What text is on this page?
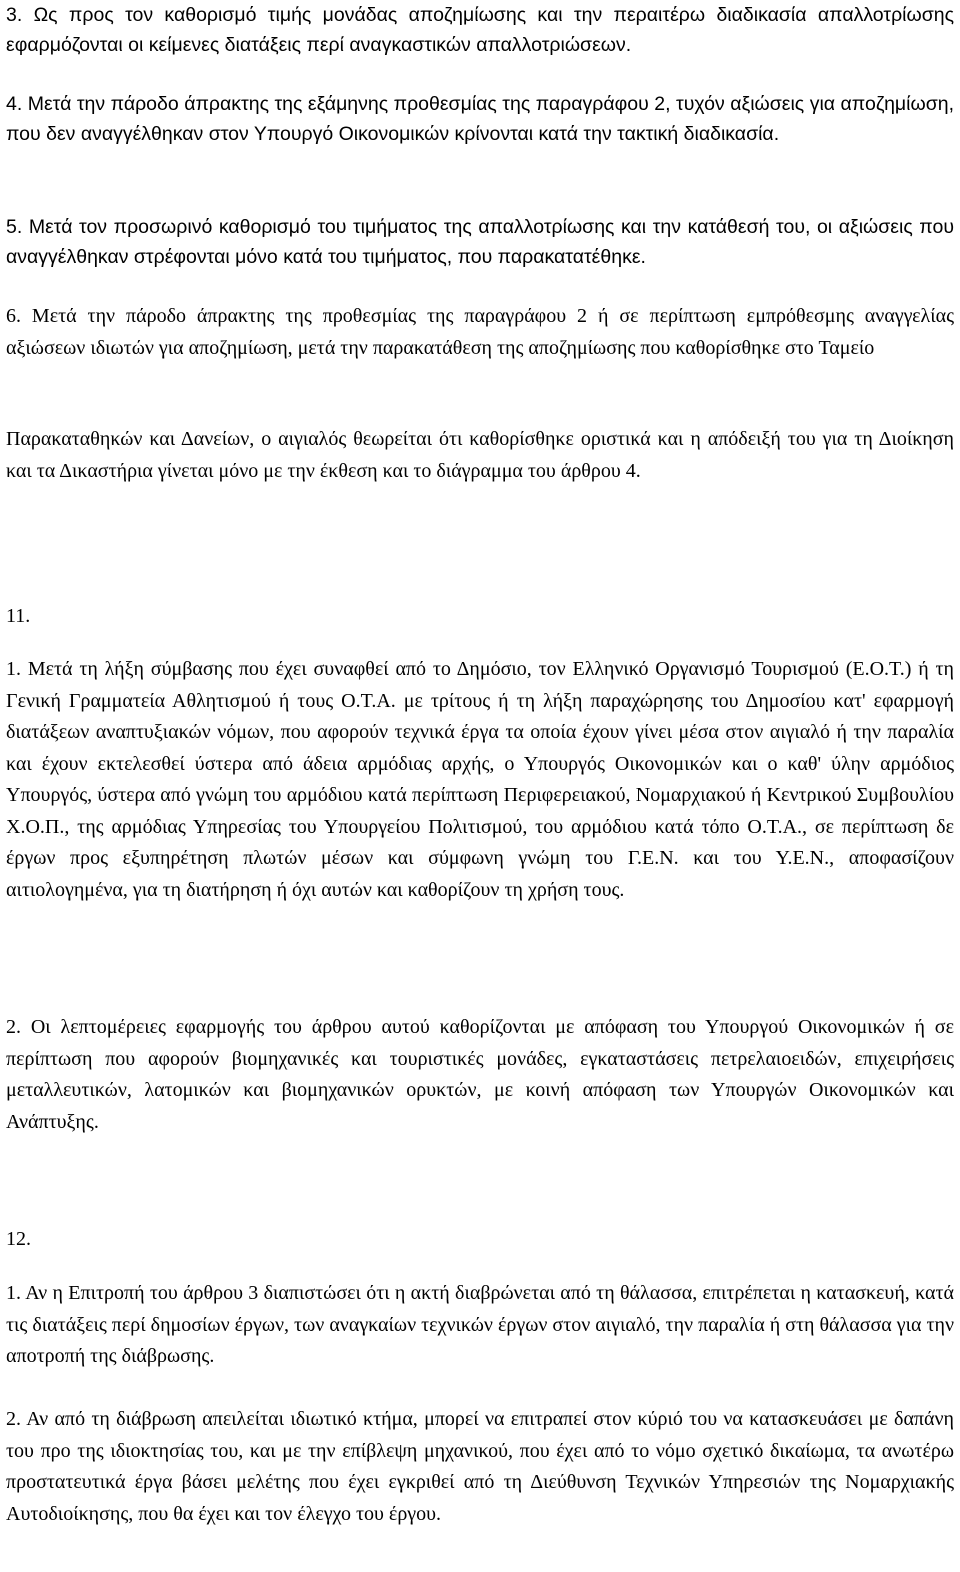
3. Ως προς τον καθορισμό τιμής μονάδας αποζημίωσης και την περαιτέρω διαδικασία απαλλοτρίωσης εφαρμόζονται οι κείμενες διατάξεις περί αναγκαστικών απαλλοτριώσεων.

4. Μετά την πάροδο άπρακτης της εξάμηνης προθεσμίας της παραγράφου 2, τυχόν αξιώσεις για αποζημίωση, που δεν αναγγέλθηκαν στον Υπουργό Οικονομικών κρίνονται κατά την τακτική διαδικασία.

5. Μετά τον προσωρινό καθορισμό του τιμήματος της απαλλοτρίωσης και την κατάθεσή του, οι αξιώσεις που αναγγέλθηκαν στρέφονται μόνο κατά του τιμήματος, που παρακατατέθηκε.

6. Μετά την πάροδο άπρακτης της προθεσμίας της παραγράφου 2 ή σε περίπτωση εμπρόθεσμης αναγγελίας αξιώσεων ιδιωτών για αποζημίωση, μετά την παρακατάθεση της αποζημίωσης που καθορίσθηκε στο Ταμείο

Παρακαταθηκών και Δανείων, ο αιγιαλός θεωρείται ότι καθορίσθηκε οριστικά και η απόδειξή του για τη Διοίκηση και τα Δικαστήρια γίνεται μόνο με την έκθεση και το διάγραμμα του άρθρου 4.

11.

1. Μετά τη λήξη σύμβασης που έχει συναφθεί από το Δημόσιο, τον Ελληνικό Οργανισμό Τουρισμού (Ε.Ο.Τ.) ή τη Γενική Γραμματεία Αθλητισμού ή τους Ο.Τ.Α. με τρίτους ή τη λήξη παραχώρησης του Δημοσίου κατ' εφαρμογή διατάξεων αναπτυξιακών νόμων, που αφορούν τεχνικά έργα τα οποία έχουν γίνει μέσα στον αιγιαλό ή την παραλία και έχουν εκτελεσθεί ύστερα από άδεια αρμόδιας αρχής, ο Υπουργός Οικονομικών και ο καθ' ύλην αρμόδιος Υπουργός, ύστερα από γνώμη του αρμόδιου κατά περίπτωση Περιφερειακού, Νομαρχιακού ή Κεντρικού Συμβουλίου Χ.Ο.Π., της αρμόδιας Υπηρεσίας του Υπουργείου Πολιτισμού, του αρμόδιου κατά τόπο Ο.Τ.Α., σε περίπτωση δε έργων προς εξυπηρέτηση πλωτών μέσων και σύμφωνη γνώμη του Γ.Ε.Ν. και του Υ.Ε.Ν., αποφασίζουν αιτιολογημένα, για τη διατήρηση ή όχι αυτών και καθορίζουν τη χρήση τους.

2. Οι λεπτομέρειες εφαρμογής του άρθρου αυτού καθορίζονται με απόφαση του Υπουργού Οικονομικών ή σε περίπτωση που αφορούν βιομηχανικές και τουριστικές μονάδες, εγκαταστάσεις πετρελαιοειδών, επιχειρήσεις μεταλλευτικών, λατομικών και βιομηχανικών ορυκτών, με κοινή απόφαση των Υπουργών Οικονομικών και Ανάπτυξης.

12.

1. Αν η Επιτροπή του άρθρου 3 διαπιστώσει ότι η ακτή διαβρώνεται από τη θάλασσα, επιτρέπεται η κατασκευή, κατά τις διατάξεις περί δημοσίων έργων, των αναγκαίων τεχνικών έργων στον αιγιαλό, την παραλία ή στη θάλασσα για την αποτροπή της διάβρωσης.

2. Αν από τη διάβρωση απειλείται ιδιωτικό κτήμα, μπορεί να επιτραπεί στον κύριό του να κατασκευάσει με δαπάνη του προ της ιδιοκτησίας του, και με την επίβλεψη μηχανικού, που έχει από το νόμο σχετικό δικαίωμα, τα ανωτέρω προστατευτικά έργα βάσει μελέτης που έχει εγκριθεί από τη Διεύθυνση Τεχνικών Υπηρεσιών της Νομαρχιακής Αυτοδιοίκησης, που θα έχει και τον έλεγχο του έργου.
